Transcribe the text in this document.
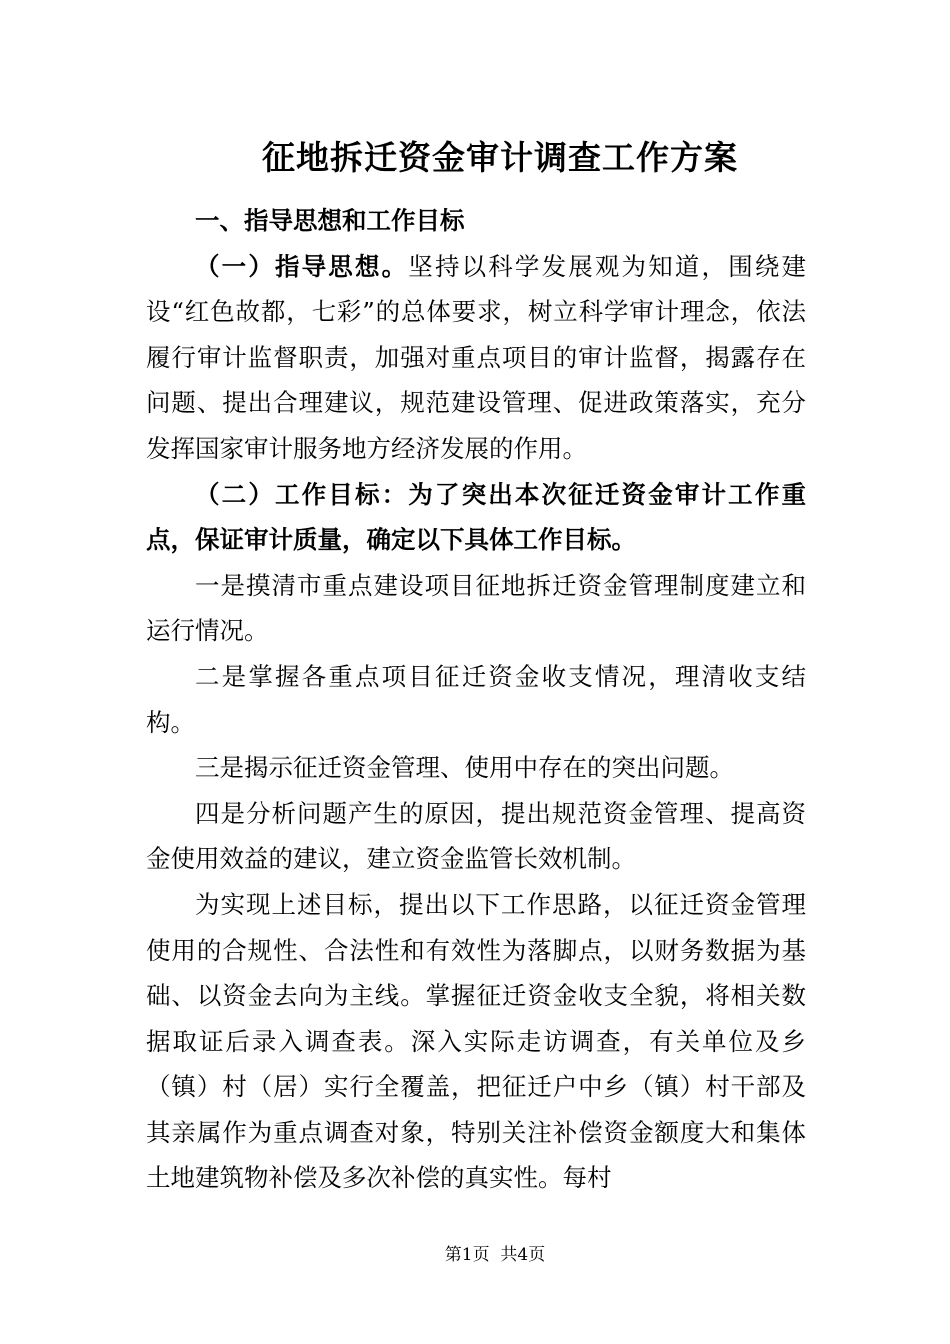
征地拆迁资金审计调查工作方案

一、指导思想和工作目标

（一）指导思想。坚持以科学发展观为知道，围绕建设“红色故都，七彩”的总体要求，树立科学审计理念，依法履行审计监督职责，加强对重点项目的审计监督，揭露存在问题、提出合理建议，规范建设管理、促进政策落实，充分发挥国家审计服务地方经济发展的作用。

（二）工作目标：为了突出本次征迁资金审计工作重点，保证审计质量，确定以下具体工作目标。

一是摸清市重点建设项目征地拆迁资金管理制度建立和运行情况。

二是掌握各重点项目征迁资金收支情况，理清收支结构。

三是揭示征迁资金管理、使用中存在的突出问题。

四是分析问题产生的原因，提出规范资金管理、提高资金使用效益的建议，建立资金监管长效机制。

为实现上述目标，提出以下工作思路，以征迁资金管理使用的合规性、合法性和有效性为落脚点，以财务数据为基础、以资金去向为主线。掌握征迁资金收支全貌，将相关数据取证后录入调查表。深入实际走访调查，有关单位及乡（镇）村（居）实行全覆盖，把征迁户中乡（镇）村干部及其亲属作为重点调查对象，特别关注补偿资金额度大和集体土地建筑物补偿及多次补偿的真实性。每村

第1页  共4页
